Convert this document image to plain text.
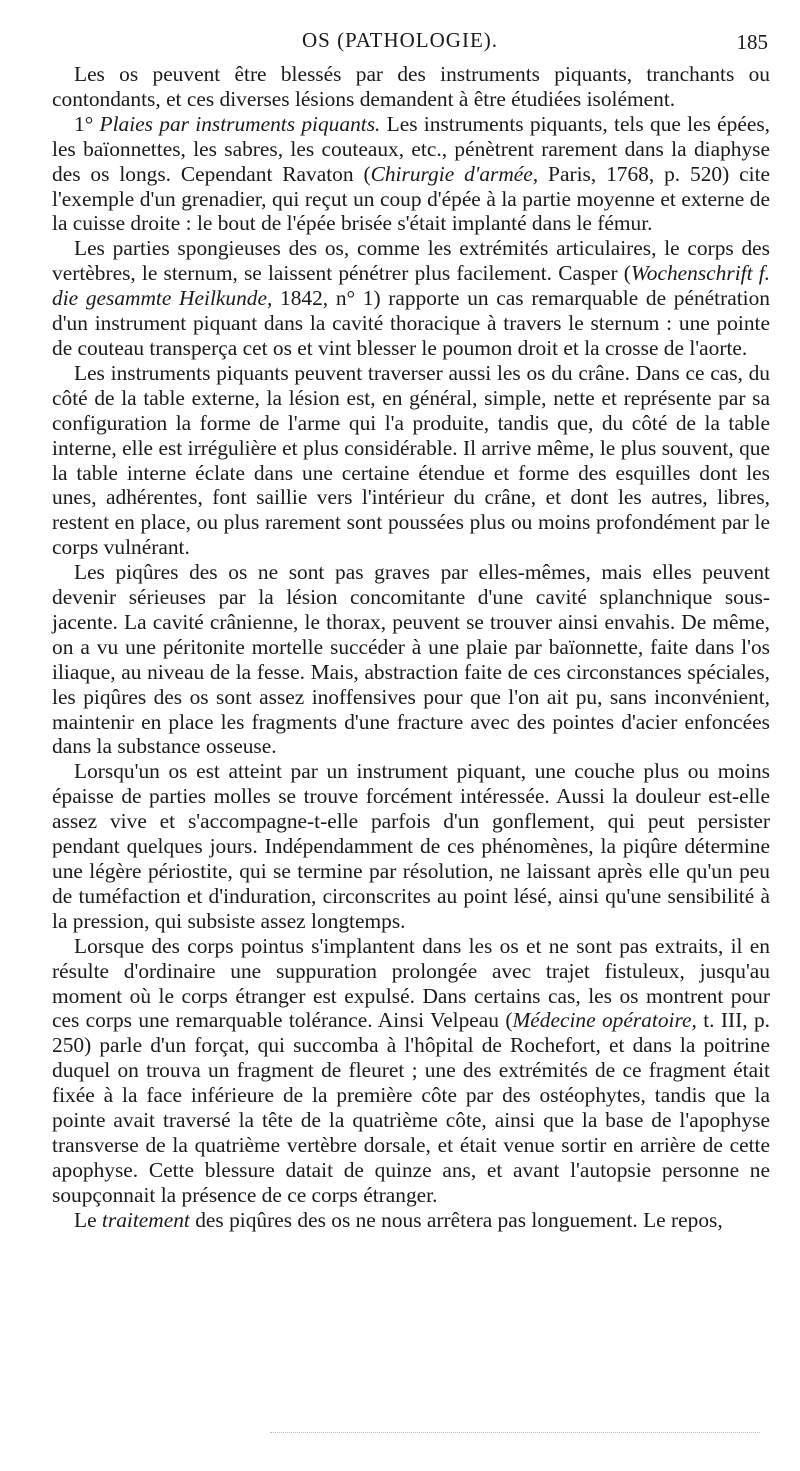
OS (PATHOLOGIE).	185

Les os peuvent être blessés par des instruments piquants, tranchants ou contondants, et ces diverses lésions demandent à être étudiées isolément.

1° Plaies par instruments piquants. Les instruments piquants, tels que les épées, les baïonnettes, les sabres, les couteaux, etc., pénètrent rarement dans la diaphyse des os longs. Cependant Ravaton (Chirurgie d'armée, Paris, 1768, p. 520) cite l'exemple d'un grenadier, qui reçut un coup d'épée à la partie moyenne et externe de la cuisse droite : le bout de l'épée brisée s'était implanté dans le fémur.

Les parties spongieuses des os, comme les extrémités articulaires, le corps des vertèbres, le sternum, se laissent pénétrer plus facilement. Casper (Wochenschrift f. die gesammte Heilkunde, 1842, n° 1) rapporte un cas remarquable de pénétration d'un instrument piquant dans la cavité thoracique à travers le sternum : une pointe de couteau transperça cet os et vint blesser le poumon droit et la crosse de l'aorte.

Les instruments piquants peuvent traverser aussi les os du crâne. Dans ce cas, du côté de la table externe, la lésion est, en général, simple, nette et représente par sa configuration la forme de l'arme qui l'a produite, tandis que, du côté de la table interne, elle est irrégulière et plus considérable. Il arrive même, le plus souvent, que la table interne éclate dans une certaine étendue et forme des esquilles dont les unes, adhérentes, font saillie vers l'intérieur du crâne, et dont les autres, libres, restent en place, ou plus rarement sont poussées plus ou moins profondément par le corps vulnérant.

Les piqûres des os ne sont pas graves par elles-mêmes, mais elles peuvent devenir sérieuses par la lésion concomitante d'une cavité splanchnique sous-jacente. La cavité crânienne, le thorax, peuvent se trouver ainsi envahis. De même, on a vu une péritonite mortelle succéder à une plaie par baïonnette, faite dans l'os iliaque, au niveau de la fesse. Mais, abstraction faite de ces circonstances spéciales, les piqûres des os sont assez inoffensives pour que l'on ait pu, sans inconvénient, maintenir en place les fragments d'une fracture avec des pointes d'acier enfoncées dans la substance osseuse.

Lorsqu'un os est atteint par un instrument piquant, une couche plus ou moins épaisse de parties molles se trouve forcément intéressée. Aussi la douleur est-elle assez vive et s'accompagne-t-elle parfois d'un gonflement, qui peut persister pendant quelques jours. Indépendamment de ces phénomènes, la piqûre détermine une légère périostite, qui se termine par résolution, ne laissant après elle qu'un peu de tuméfaction et d'induration, circonscrites au point lésé, ainsi qu'une sensibilité à la pression, qui subsiste assez longtemps.

Lorsque des corps pointus s'implantent dans les os et ne sont pas extraits, il en résulte d'ordinaire une suppuration prolongée avec trajet fistuleux, jusqu'au moment où le corps étranger est expulsé. Dans certains cas, les os montrent pour ces corps une remarquable tolérance. Ainsi Velpeau (Médecine opératoire, t. III, p. 250) parle d'un forçat, qui succomba à l'hôpital de Rochefort, et dans la poitrine duquel on trouva un fragment de fleuret ; une des extrémités de ce fragment était fixée à la face inférieure de la première côte par des ostéophytes, tandis que la pointe avait traversé la tête de la quatrième côte, ainsi que la base de l'apophyse transverse de la quatrième vertèbre dorsale, et était venue sortir en arrière de cette apophyse. Cette blessure datait de quinze ans, et avant l'autopsie personne ne soupçonnait la présence de ce corps étranger.

Le traitement des piqûres des os ne nous arrêtera pas longuement. Le repos,
